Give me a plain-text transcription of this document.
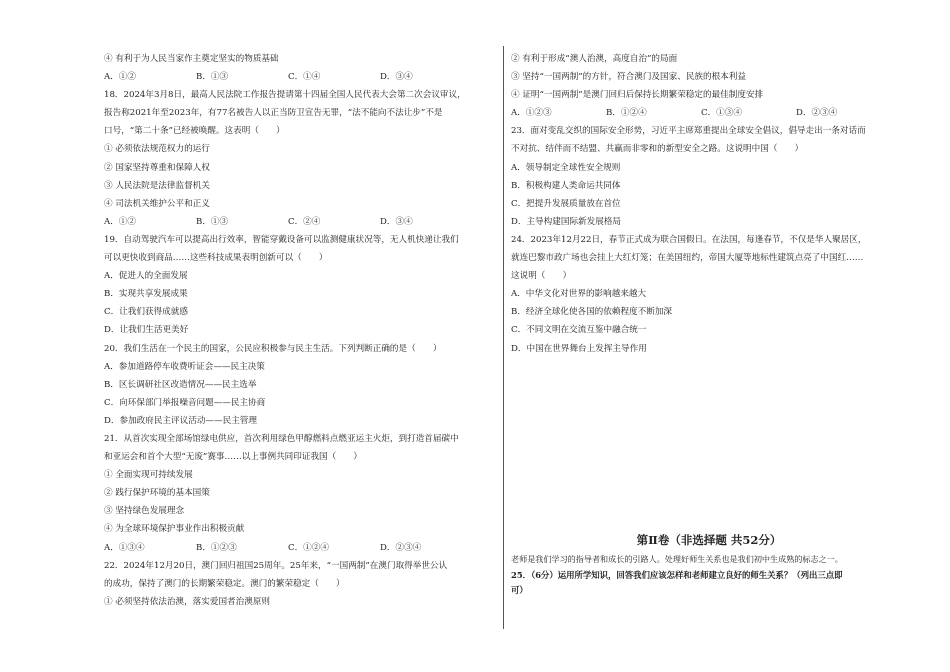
④ 有利于为人民当家作主奠定坚实的物质基础
A．①②	B．①③	C．①④	D．③④
18．2024年3月8日，最高人民法院工作报告提请第十四届全国人民代表大会第二次会议审议，
报告称2021年至2023年，有77名被告人以正当防卫宣告无罪，“法不能向不法让步”不是
口号，“第二十条”已经被唤醒。这表明（　　）
① 必须依法规范权力的运行
② 国家坚持尊重和保障人权
③ 人民法院是法律监督机关
④ 司法机关维护公平和正义
A．①②	B．①③	C．②④	D．③④
19．自动驾驶汽车可以提高出行效率，智能穿戴设备可以监测健康状况等，无人机快递让我们
可以更快收到商品……这些科技成果表明创新可以（　　）
A．促进人的全面发展
B．实现共享发展成果
C．让我们获得成就感
D．让我们生活更美好
20．我们生活在一个民主的国家，公民应积极参与民主生活。下列判断正确的是（　　）
A．参加道路停车收费听证会——民主决策
B．区长调研社区改造情况——民主选举
C．向环保部门举报噪音问题——民主协商
D．参加政府民主评议活动——民主管理
21．从首次实现全部场馆绿电供应，首次利用绿色甲醇燃料点燃亚运主火炬，到打造首届碳中
和亚运会和首个大型“无废”赛事……以上事例共同印证我国（　　）
① 全面实现可持续发展
② 践行保护环境的基本国策
③ 坚持绿色发展理念
④ 为全球环境保护事业作出积极贡献
A．①③④	B．①②③	C．①②④	D．②③④
22．2024年12月20日，澳门回归祖国25周年。25年来，“一国两制”在澳门取得举世公认
的成功，保持了澳门的长期繁荣稳定。澳门的繁荣稳定（　　）
① 必须坚持依法治澳，落实爱国者治澳原则
② 有利于形成“澳人治澳，高度自治”的局面
③ 坚持“一国两制”的方针，符合澳门及国家、民族的根本利益
④ 证明“一国两制”是澳门回归后保持长期繁荣稳定的最佳制度安排
A．①②③	B．①②④	C．①③④	D．②③④
23．面对变乱交织的国际安全形势，习近平主席郑重提出全球安全倡议，倡导走出一条对话而
不对抗、结伴而不结盟、共赢而非零和的新型安全之路。这说明中国（　　）
A．领导制定全球性安全规则
B．积极构建人类命运共同体
C．把提升发展质量放在首位
D．主导构建国际新发展格局
24．2023年12月22日，春节正式成为联合国假日。在法国，每逢春节，不仅是华人聚居区，
就连巴黎市政广场也会挂上大红灯笼；在美国纽约，帝国大厦等地标性建筑点亮了中国红……
这说明（　　）
A．中华文化对世界的影响越来越大
B．经济全球化使各国的依赖程度不断加深
C．不同文明在交流互鉴中融合统一
D．中国在世界舞台上发挥主导作用
第Ⅱ卷（非选择题 共52分）
老师是我们学习的指导者和成长的引路人。处理好师生关系也是我们初中生成熟的标志之一。
25．（6分）运用所学知识，回答我们应该怎样和老师建立良好的师生关系？（列出三点即
可）
